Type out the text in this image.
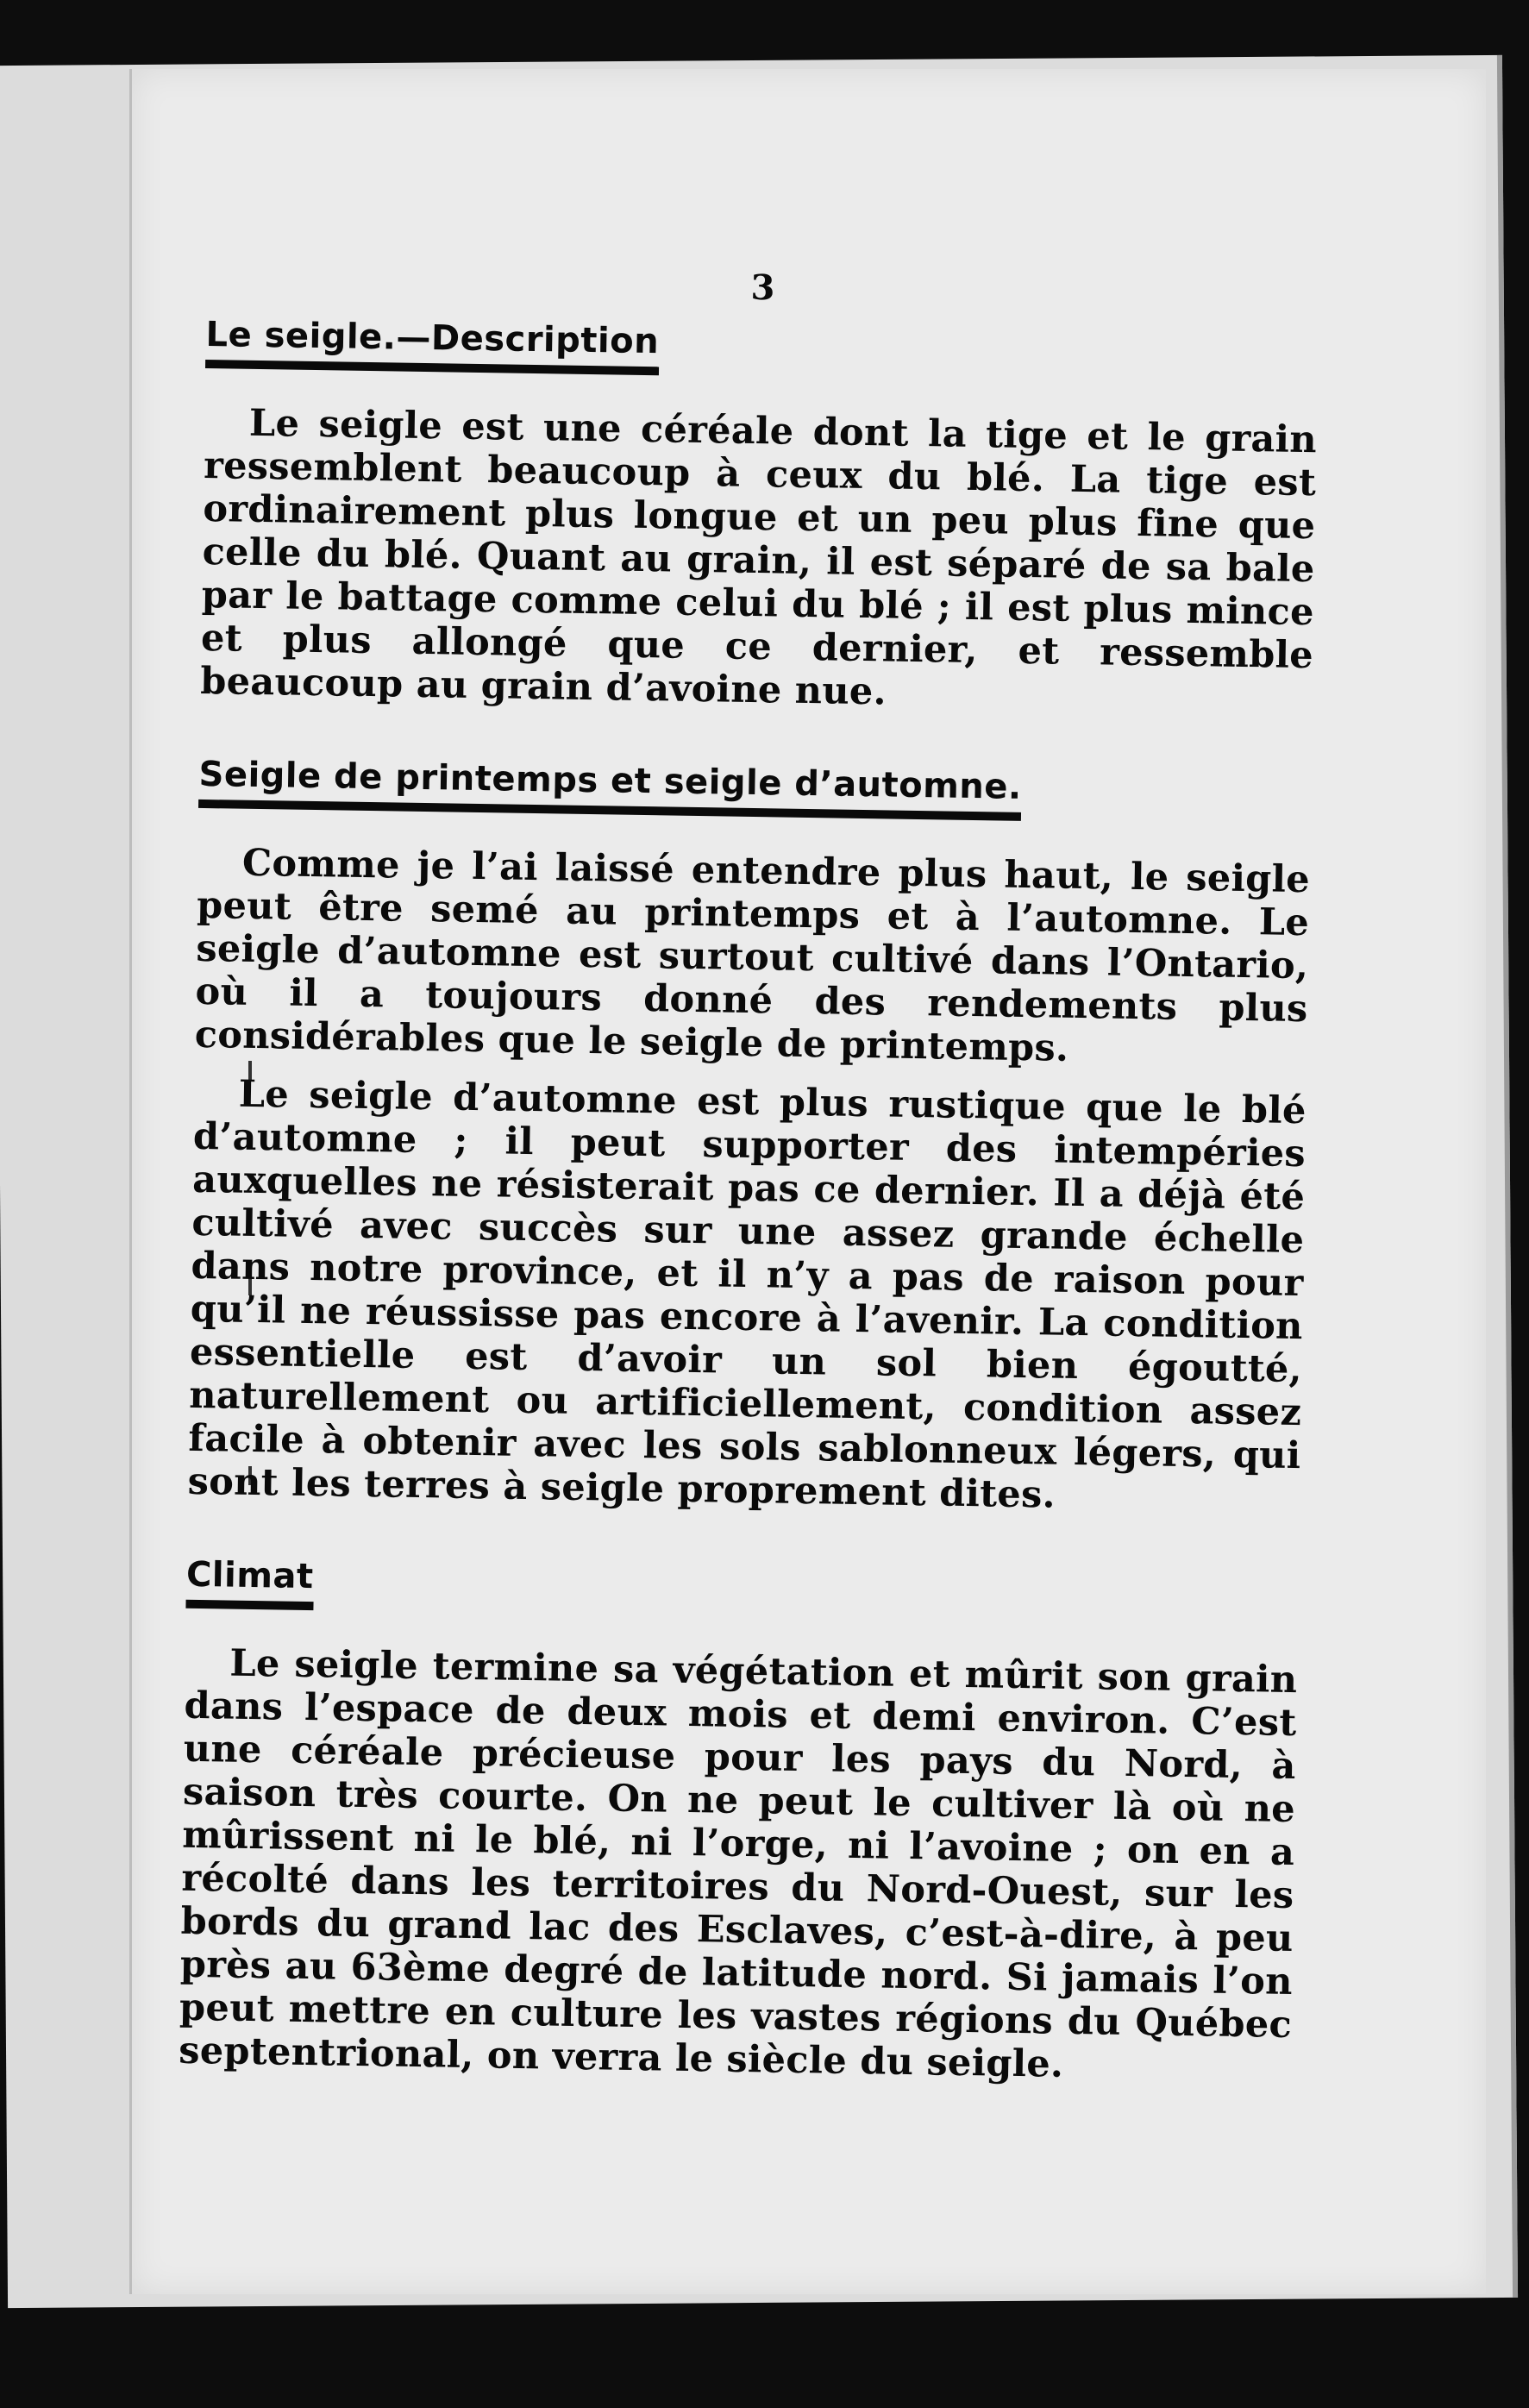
3
Le seigle.—Description

Le seigle est une céréale dont la tige et le grain ressemblent beaucoup à ceux du blé. La tige est ordinairement plus longue et un peu plus fine que celle du blé. Quant au grain, il est séparé de sa bale par le battage comme celui du blé ; il est plus mince et plus allongé que ce dernier, et ressemble beaucoup au grain d’avoine nue.

Seigle de printemps et seigle d’automne.

Comme je l’ai laissé entendre plus haut, le seigle peut être semé au printemps et à l’automne. Le seigle d’automne est surtout cultivé dans l’Ontario, où il a toujours donné des rendements plus considérables que le seigle de printemps.

Le seigle d’automne est plus rustique que le blé d’automne ; il peut supporter des intempéries auxquelles ne résisterait pas ce dernier. Il a déjà été cultivé avec succès sur une assez grande échelle dans notre province, et il n’y a pas de raison pour qu’il ne réussisse pas encore à l’avenir. La condition essentielle est d’avoir un sol bien égoutté, naturellement ou artificiellement, condition assez facile à obtenir avec les sols sablonneux légers, qui sont les terres à seigle proprement dites.

Climat

Le seigle termine sa végétation et mûrit son grain dans l’espace de deux mois et demi environ. C’est une céréale précieuse pour les pays du Nord, à saison très courte. On ne peut le cultiver là où ne mûrissent ni le blé, ni l’orge, ni l’avoine ; on en a récolté dans les territoires du Nord-Ouest, sur les bords du grand lac des Esclaves, c’est-à-dire, à peu près au 63ème degré de latitude nord. Si jamais l’on peut mettre en culture les vastes régions du Québec septentrional, on verra le siècle du seigle.
